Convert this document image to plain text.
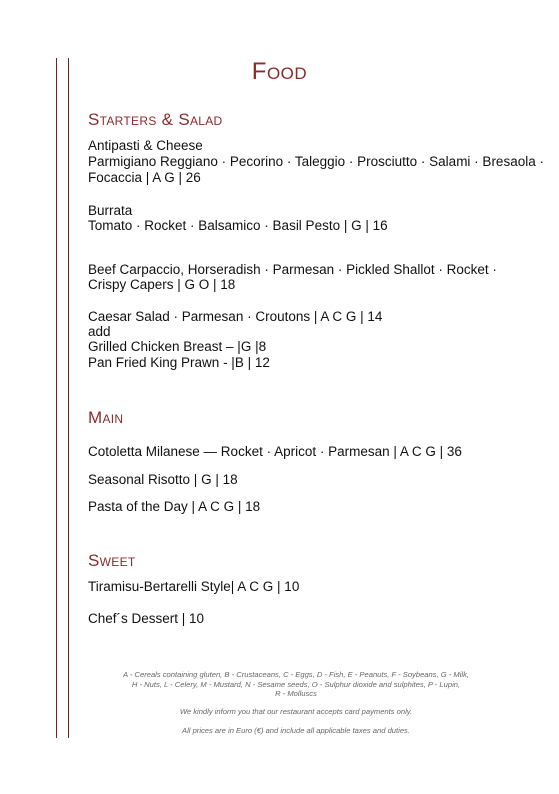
Food
Starters & Salad
Antipasti & Cheese
Parmigiano Reggiano · Pecorino · Taleggio · Prosciutto · Salami · Bresaola ·
Focaccia | A G | 26
Burrata
Tomato · Rocket · Balsamico · Basil Pesto | G | 16
Beef Carpaccio, Horseradish · Parmesan · Pickled Shallot · Rocket ·
Crispy Capers | G O | 18
Caesar Salad · Parmesan · Croutons | A C G | 14
add
Grilled Chicken Breast – |G |8
Pan Fried King Prawn - |B | 12
Main
Cotoletta Milanese — Rocket · Apricot · Parmesan | A C G | 36
Seasonal Risotto | G | 18
Pasta of the Day | A C G | 18
Sweet
Tiramisu-Bertarelli Style| A C G | 10
Chef´s Dessert | 10
A - Cereals containing gluten, B - Crustaceans, C - Eggs, D - Fish, E - Peanuts, F - Soybeans, G - Milk,
H - Nuts, L - Celery, M - Mustard, N - Sesame seeds, O - Sulphur dioxide and sulphites, P - Lupin,
R - Molluscs
We kindly inform you that our restaurant accepts card payments only.
All prices are in Euro (€) and include all applicable taxes and duties.
